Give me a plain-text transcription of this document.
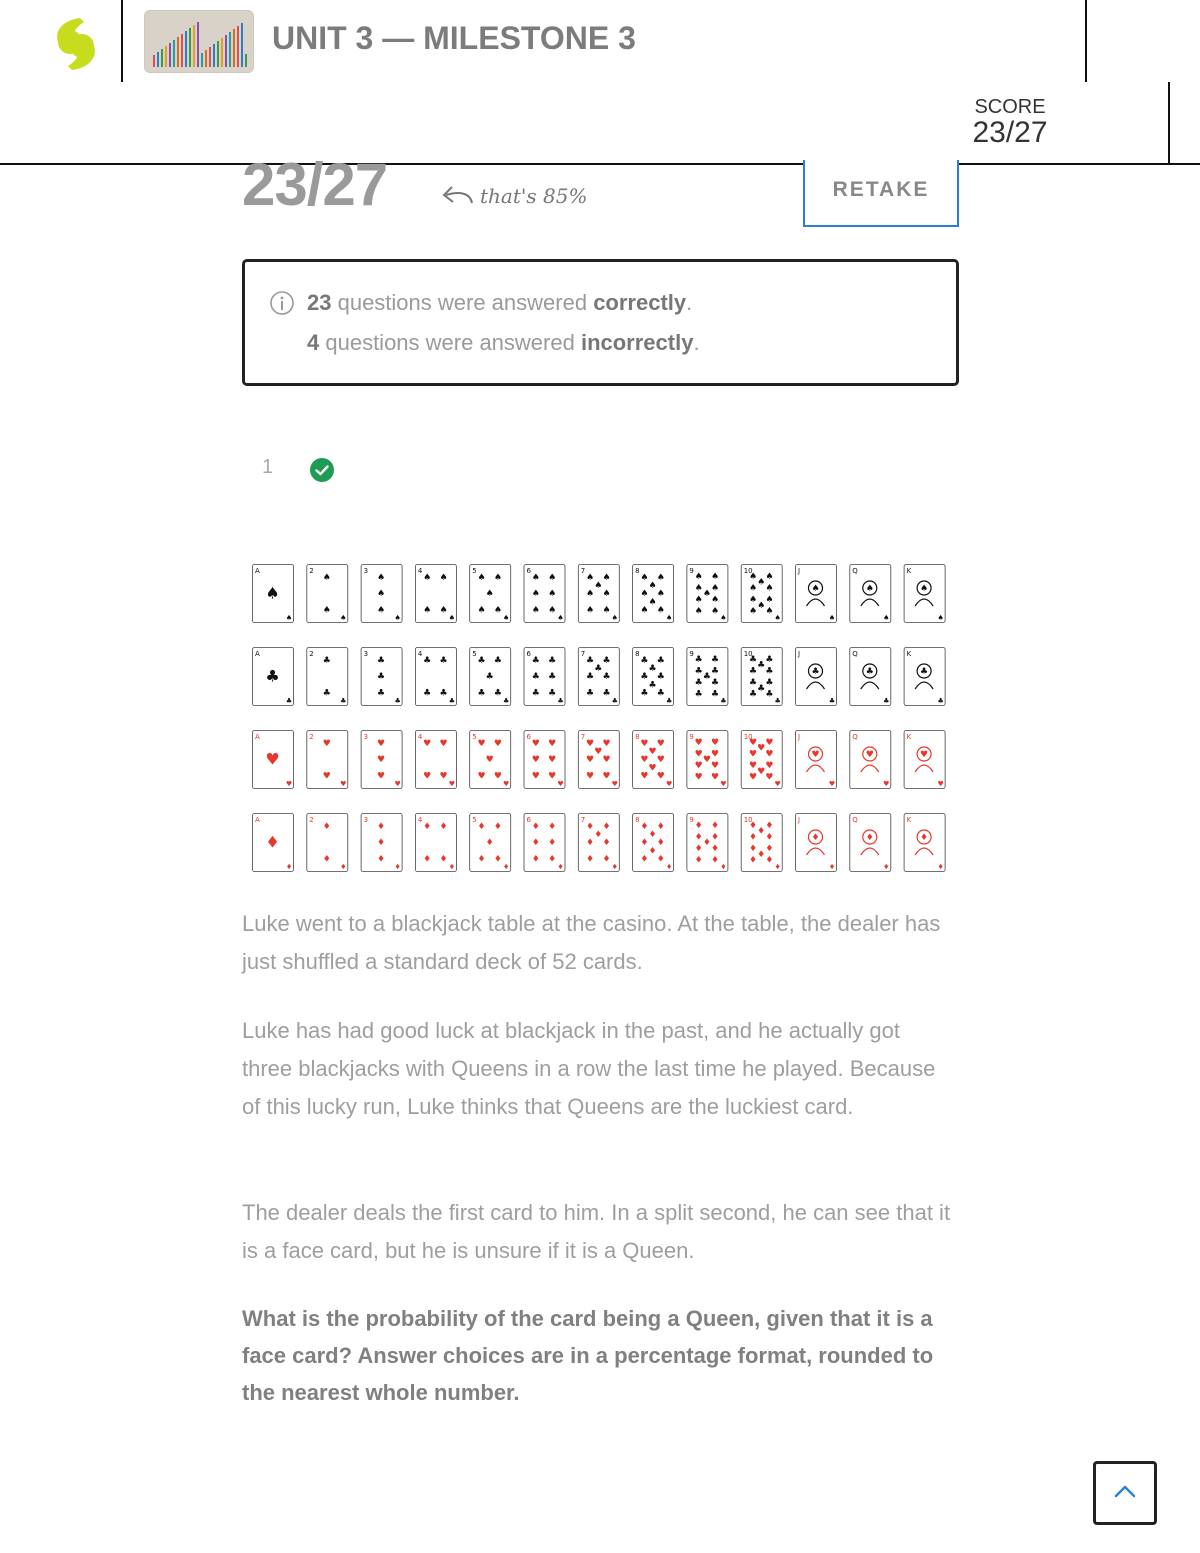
UNIT 3 — MILESTONE 3
SCORE
23/27
23/27	that's 85%	RETAKE
23 questions were answered correctly.
4 questions were answered incorrectly.
1
A
♠
♠
2
♠
♠
♠
3
♠
♠
♠
♠
4
♠
♠ ♠
♠ ♠
5
♠
♠ ♠
♠
♠ ♠
6
♠
♠ ♠
♠ ♠
♠ ♠
7
♠
♠ ♠
♠
♠ ♠
♠ ♠
8
♠
♠ ♠
♠
♠ ♠
♠
♠ ♠
9
♠
♠ ♠
♠ ♠
♠
♠ ♠
♠ ♠
10
♠
♠ ♠
♠
♠ ♠
♠ ♠
♠
♠ ♠
J
♠
♠
Q
♠
♠
K
♠
♠
A
♣
♣
2
♣
♣
♣
3
♣
♣
♣
♣
4
♣
♣ ♣
♣ ♣
5
♣
♣ ♣
♣
♣ ♣
6
♣
♣ ♣
♣ ♣
♣ ♣
7
♣
♣ ♣
♣
♣ ♣
♣ ♣
8
♣
♣ ♣
♣
♣ ♣
♣
♣ ♣
9
♣
♣ ♣
♣ ♣
♣
♣ ♣
♣ ♣
10
♣
♣ ♣
♣
♣ ♣
♣ ♣
♣
♣ ♣
J
♣
♣
Q
♣
♣
K
♣
♣
A
♥
♥
2
♥
♥
♥
3
♥
♥
♥
♥
4
♥
♥ ♥
♥ ♥
5
♥
♥ ♥
♥
♥ ♥
6
♥
♥ ♥
♥ ♥
♥ ♥
7
♥
♥ ♥
♥
♥ ♥
♥ ♥
8
♥
♥ ♥
♥
♥ ♥
♥
♥ ♥
9
♥
♥ ♥
♥ ♥
♥
♥ ♥
♥ ♥
10
♥
♥ ♥
♥
♥ ♥
♥ ♥
♥
♥ ♥
J
♥
♥
Q
♥
♥
K
♥
♥
A
♦
♦
2
♦
♦
♦
3
♦
♦
♦
♦
4
♦
♦ ♦
♦ ♦
5
♦
♦ ♦
♦
♦ ♦
6
♦
♦ ♦
♦ ♦
♦ ♦
7
♦
♦ ♦
♦
♦ ♦
♦ ♦
8
♦
♦ ♦
♦
♦ ♦
♦
♦ ♦
9
♦
♦ ♦
♦ ♦
♦
♦ ♦
♦ ♦
10
♦
♦ ♦
♦
♦ ♦
♦ ♦
♦
♦ ♦
J
♦
♦
Q
♦
♦
K
♦
♦

Luke went to a blackjack table at the casino. At the table, the dealer has just shuffled a standard deck of 52 cards.

Luke has had good luck at blackjack in the past, and he actually got three blackjacks with Queens in a row the last time he played. Because of this lucky run, Luke thinks that Queens are the luckiest card.

The dealer deals the first card to him. In a split second, he can see that it is a face card, but he is unsure if it is a Queen.

What is the probability of the card being a Queen, given that it is a face card? Answer choices are in a percentage format, rounded to the nearest whole number.
